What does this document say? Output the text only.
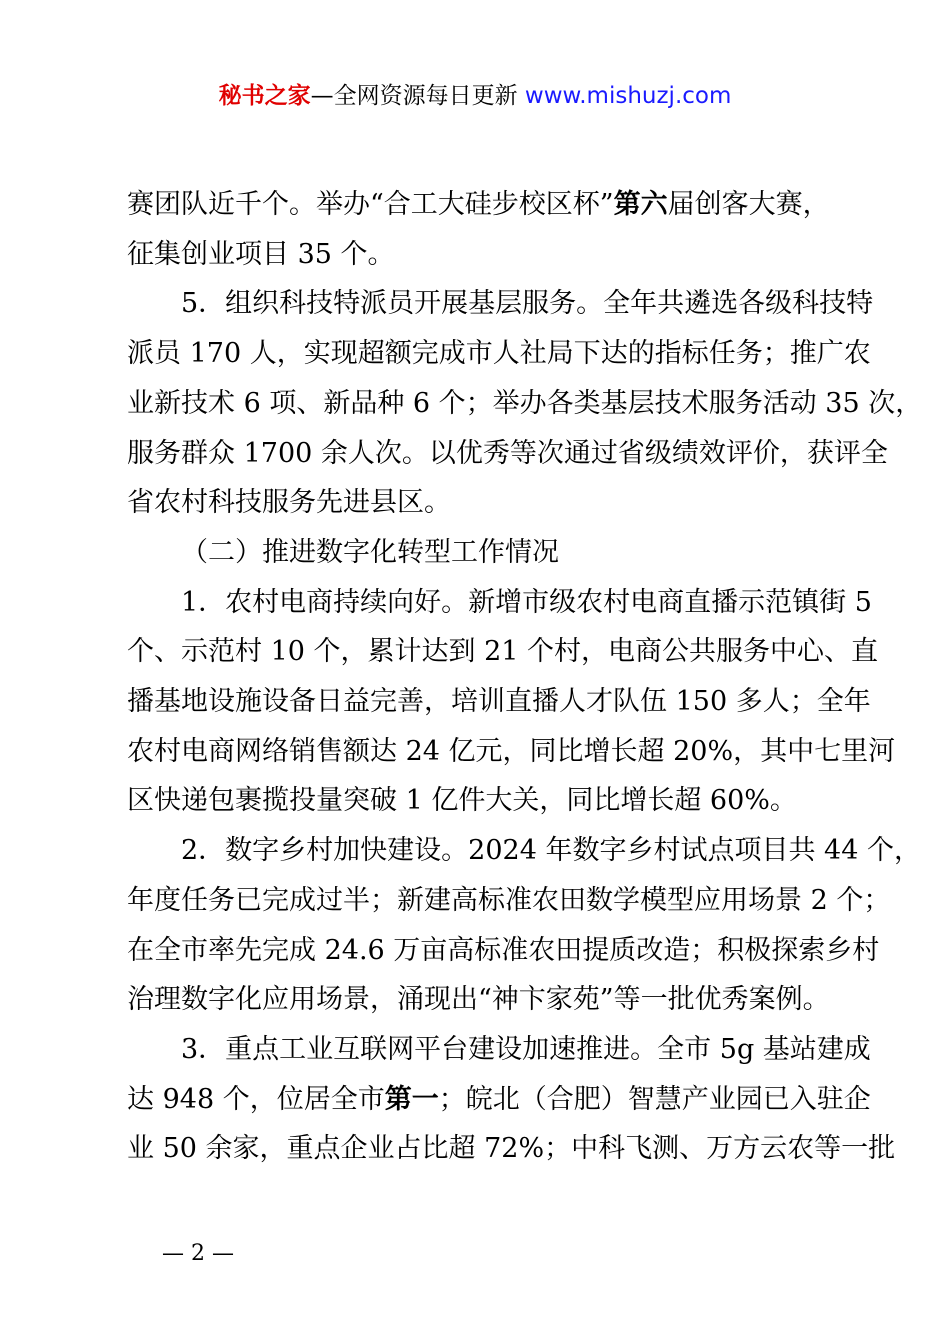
秘书之家—全网资源每日更新 www.mishuzj.com
赛团队近千个。举办“合工大硅步校区杯”第六届创客大赛，
征集创业项目 35 个。
5．组织科技特派员开展基层服务。全年共遴选各级科技特
派员 170 人，实现超额完成市人社局下达的指标任务；推广农
业新技术 6 项、新品种 6 个；举办各类基层技术服务活动 35 次，
服务群众 1700 余人次。以优秀等次通过省级绩效评价，获评全
省农村科技服务先进县区。
（二）推进数字化转型工作情况
1．农村电商持续向好。新增市级农村电商直播示范镇街 5
个、示范村 10 个，累计达到 21 个村，电商公共服务中心、直
播基地设施设备日益完善，培训直播人才队伍 150 多人；全年
农村电商网络销售额达 24 亿元，同比增长超 20%，其中七里河
区快递包裹揽投量突破 1 亿件大关，同比增长超 60%。
2．数字乡村加快建设。2024 年数字乡村试点项目共 44 个，
年度任务已完成过半；新建高标准农田数学模型应用场景 2 个；
在全市率先完成 24.6 万亩高标准农田提质改造；积极探索乡村
治理数字化应用场景，涌现出“神卞家苑”等一批优秀案例。
3．重点工业互联网平台建设加速推进。全市 5g 基站建成
达 948 个，位居全市第一；皖北（合肥）智慧产业园已入驻企
业 50 余家，重点企业占比超 72%；中科飞测、万方云农等一批
— 2 —
